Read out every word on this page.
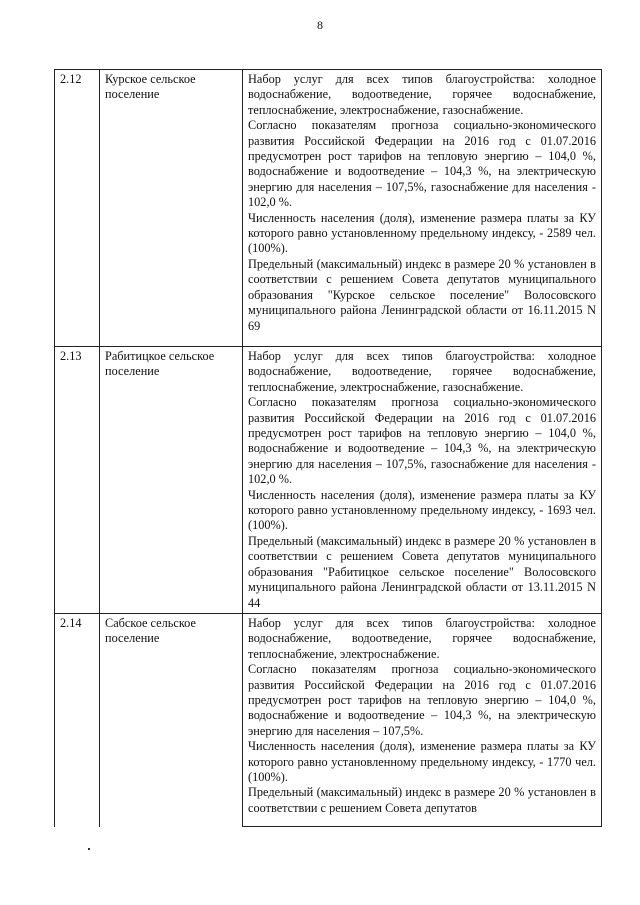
8
2.12	Курское сельское поселение	Набор услуг для всех типов благоустройства: холодное водоснабжение, водоотведение, горячее водоснабжение, теплоснабжение, электроснабжение, газоснабжение.

Согласно показателям прогноза социально-экономического развития Российской Федерации на 2016 год с 01.07.2016 предусмотрен рост тарифов на тепловую энергию – 104,0 %, водоснабжение и водоотведение – 104,3 %, на электрическую энергию для населения – 107,5%, газоснабжение для населения - 102,0 %.

Численность населения (доля), изменение размера платы за КУ которого равно установленному предельному индексу, - 2589 чел. (100%).

Предельный (максимальный) индекс в размере 20 % установлен в соответствии с решением Совета депутатов муниципального образования "Курское сельское поселение" Волосовского муниципального района Ленинградской области от 16.11.2015 N 69

2.13	Рабитицкое сельское поселение	Набор услуг для всех типов благоустройства: холодное водоснабжение, водоотведение, горячее водоснабжение, теплоснабжение, электроснабжение, газоснабжение.

Согласно показателям прогноза социально-экономического развития Российской Федерации на 2016 год с 01.07.2016 предусмотрен рост тарифов на тепловую энергию – 104,0 %, водоснабжение и водоотведение – 104,3 %, на электрическую энергию для населения – 107,5%, газоснабжение для населения - 102,0 %.

Численность населения (доля), изменение размера платы за КУ которого равно установленному предельному индексу, - 1693 чел. (100%).

Предельный (максимальный) индекс в размере 20 % установлен в соответствии с решением Совета депутатов муниципального образования "Рабитицкое сельское поселение" Волосовского муниципального района Ленинградской области от 13.11.2015 N 44

2.14	Сабское сельское поселение	Набор услуг для всех типов благоустройства: холодное водоснабжение, водоотведение, горячее водоснабжение, теплоснабжение, электроснабжение.

Согласно показателям прогноза социально-экономического развития Российской Федерации на 2016 год с 01.07.2016 предусмотрен рост тарифов на тепловую энергию – 104,0 %, водоснабжение и водоотведение – 104,3 %, на электрическую энергию для населения – 107,5%.

Численность населения (доля), изменение размера платы за КУ которого равно установленному предельному индексу, - 1770 чел. (100%).

Предельный (максимальный) индекс в размере 20 % установлен в соответствии с решением Совета депутатов
